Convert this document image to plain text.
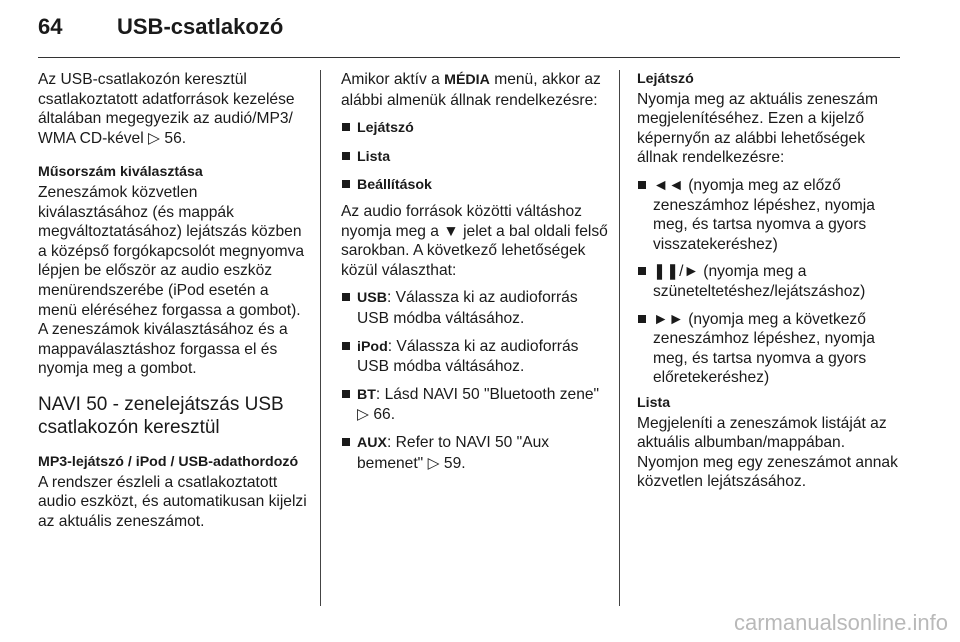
64 USB-csatlakozó

Az USB-csatlakozón keresztül csatlakoztatott adatforrások kezelése általában megegyezik az audió/MP3/ WMA CD-kével ▷ 56.

Műsorszám kiválasztása

Zeneszámok közvetlen kiválasztásához (és mappák megváltoztatásához) lejátszás közben a középső forgókapcsolót megnyomva lépjen be először az audio eszköz menürendszerébe (iPod esetén a menü eléréséhez forgassa a gombot). A zeneszámok kiválasztásához és a mappaválasztáshoz forgassa el és nyomja meg a gombot.

NAVI 50 - zenelejátszás USB csatlakozón keresztül

MP3-lejátszó / iPod / USB-adathordozó

A rendszer észleli a csatlakoztatott audio eszközt, és automatikusan kijelzi az aktuális zeneszámot.

Amikor aktív a MÉDIA menü, akkor az alábbi almenük állnak rendelkezésre:

Lejátszó
Lista
Beállítások

Az audio források közötti váltáshoz nyomja meg a ▼ jelet a bal oldali felső sarokban. A következő lehetőségek közül választhat:

USB: Válassza ki az audioforrás USB módba váltásához.
iPod: Válassza ki az audioforrás USB módba váltásához.
BT: Lásd NAVI 50 "Bluetooth zene"
▷ 66.
AUX: Refer to NAVI 50 "Aux bemenet" ▷ 59.

Lejátszó

Nyomja meg az aktuális zeneszám megjelenítéséhez. Ezen a kijelző képernyőn az alábbi lehetőségek állnak rendelkezésre:

◄◄ (nyomja meg az előző zeneszámhoz lépéshez, nyomja meg, és tartsa nyomva a gyors visszatekeréshez)
❚❚/► (nyomja meg a szüneteltetéshez/lejátszáshoz)
►► (nyomja meg a következő zeneszámhoz lépéshez, nyomja meg, és tartsa nyomva a gyors előretekeréshez)

Lista

Megjeleníti a zeneszámok listáját az aktuális albumban/mappában. Nyomjon meg egy zeneszámot annak közvetlen lejátszásához.

carmanualsonline.info
